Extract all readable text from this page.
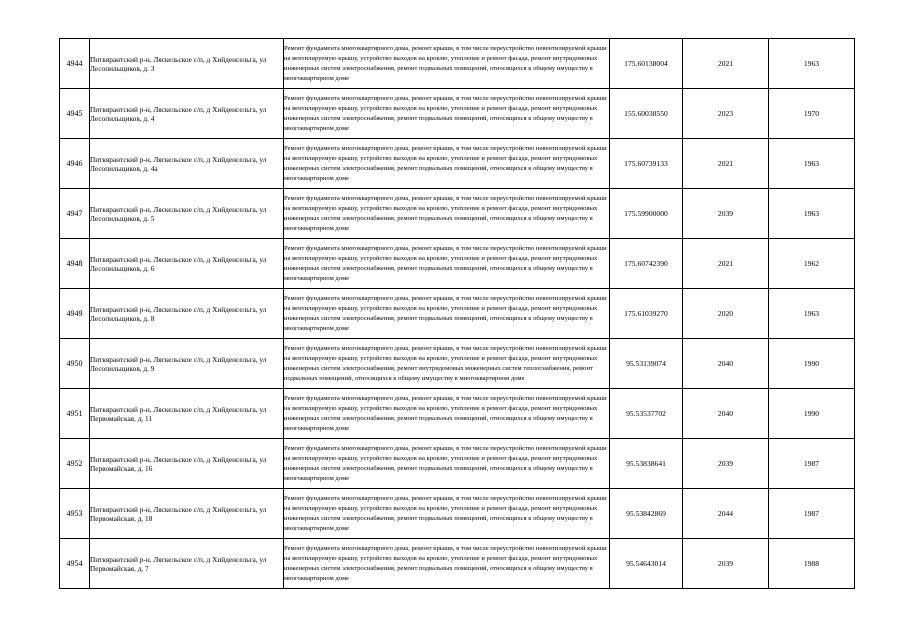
4944	Питкярантский р-н, Ляскельское с/п, д Хийденсельга, ул Лесопильщиков, д. 3	Ремонт фундамента многоквартирного дома, ремонт крыши, в том числе переустройство невентилируемой крыши на вентилируемую крышу, устройство выходов на кровлю, утепление и ремонт фасада, ремонт внутридомовых инженерных систем электроснабжения, ремонт подвальных помещений, относящихся к общему имуществу в многоквартирном доме	175.60138004	2021	1963
4945	Питкярантский р-н, Ляскельское с/п, д Хийденсельга, ул Лесопильщиков, д. 4	Ремонт фундамента многоквартирного дома, ремонт крыши, в том числе переустройство невентилируемой крыши на вентилируемую крышу, устройство выходов на кровлю, утепление и ремонт фасада, ремонт внутридомовых инженерных систем электроснабжения, ремонт подвальных помещений, относящихся к общему имуществу в многоквартирном доме	155.60038550	2023	1970
4946	Питкярантский р-н, Ляскельское с/п, д Хийденсельга, ул Лесопильщиков, д. 4а	Ремонт фундамента многоквартирного дома, ремонт крыши, в том числе переустройство невентилируемой крыши на вентилируемую крышу, устройство выходов на кровлю, утепление и ремонт фасада, ремонт внутридомовых инженерных систем электроснабжения, ремонт подвальных помещений, относящихся к общему имуществу в многоквартирном доме	175.60739133	2021	1963
4947	Питкярантский р-н, Ляскельское с/п, д Хийденсельга, ул Лесопильщиков, д. 5	Ремонт фундамента многоквартирного дома, ремонт крыши, в том числе переустройство невентилируемой крыши на вентилируемую крышу, устройство выходов на кровлю, утепление и ремонт фасада, ремонт внутридомовых инженерных систем электроснабжения, ремонт подвальных помещений, относящихся к общему имуществу в многоквартирном доме	175.59900000	2039	1963
4948	Питкярантский р-н, Ляскельское с/п, д Хийденсельга, ул Лесопильщиков, д. 6	Ремонт фундамента многоквартирного дома, ремонт крыши, в том числе переустройство невентилируемой крыши на вентилируемую крышу, устройство выходов на кровлю, утепление и ремонт фасада, ремонт внутридомовых инженерных систем электроснабжения, ремонт подвальных помещений, относящихся к общему имуществу в многоквартирном доме	175.60742390	2021	1962
4949	Питкярантский р-н, Ляскельское с/п, д Хийденсельга, ул Лесопильщиков, д. 8	Ремонт фундамента многоквартирного дома, ремонт крыши, в том числе переустройство невентилируемой крыши на вентилируемую крышу, устройство выходов на кровлю, утепление и ремонт фасада, ремонт внутридомовых инженерных систем электроснабжения, ремонт подвальных помещений, относящихся к общему имуществу в многоквартирном доме	175.61039270	2020	1963
4950	Питкярантский р-н, Ляскельское с/п, д Хийденсельга, ул Лесопильщиков, д. 9	Ремонт фундамента многоквартирного дома, ремонт крыши, в том числе переустройство невентилируемой крыши на вентилируемую крышу, устройство выходов на кровлю, утепление и ремонт фасада, ремонт внутридомовых инженерных систем электроснабжения, ремонт внутридомовых инженерных систем теплоснабжения, ремонт подвальных помещений, относящихся к общему имуществу в многоквартирном доме	95.53139074	2040	1990
4951	Питкярантский р-н, Ляскельское с/п, д Хийденсельга, ул Первомайская, д. 11	Ремонт фундамента многоквартирного дома, ремонт крыши, в том числе переустройство невентилируемой крыши на вентилируемую крышу, устройство выходов на кровлю, утепление и ремонт фасада, ремонт внутридомовых инженерных систем электроснабжения, ремонт подвальных помещений, относящихся к общему имуществу в многоквартирном доме	95.53537702	2040	1990
4952	Питкярантский р-н, Ляскельское с/п, д Хийденсельга, ул Первомайская, д. 16	Ремонт фундамента многоквартирного дома, ремонт крыши, в том числе переустройство невентилируемой крыши на вентилируемую крышу, устройство выходов на кровлю, утепление и ремонт фасада, ремонт внутридомовых инженерных систем электроснабжения, ремонт подвальных помещений, относящихся к общему имуществу в многоквартирном доме	95.53838641	2039	1987
4953	Питкярантский р-н, Ляскельское с/п, д Хийденсельга, ул Первомайская, д. 18	Ремонт фундамента многоквартирного дома, ремонт крыши, в том числе переустройство невентилируемой крыши на вентилируемую крышу, устройство выходов на кровлю, утепление и ремонт фасада, ремонт внутридомовых инженерных систем электроснабжения, ремонт подвальных помещений, относящихся к общему имуществу в многоквартирном доме	95.53842869	2044	1987
4954	Питкярантский р-н, Ляскельское с/п, д Хийденсельга, ул Первомайская, д. 7	Ремонт фундамента многоквартирного дома, ремонт крыши, в том числе переустройство невентилируемой крыши на вентилируемую крышу, устройство выходов на кровлю, утепление и ремонт фасада, ремонт внутридомовых инженерных систем электроснабжения, ремонт подвальных помещений, относящихся к общему имуществу в многоквартирном доме	95.54643014	2039	1988
